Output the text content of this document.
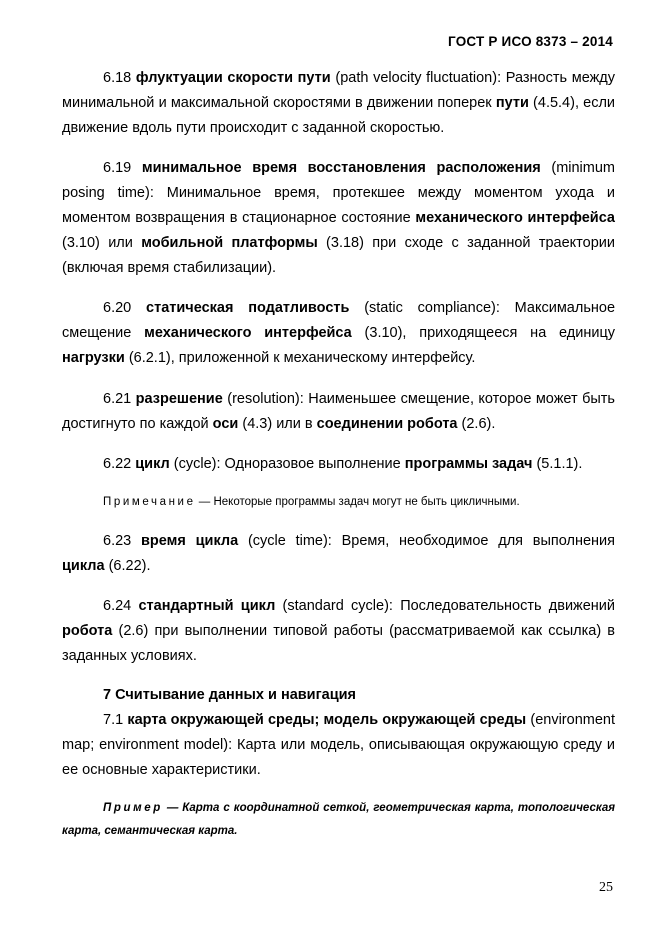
ГОСТ Р ИСО 8373 – 2014

6.18 флуктуации скорости пути (path velocity fluctuation): Разность между минимальной и максимальной скоростями в движении поперек пути (4.5.4), если движение вдоль пути происходит с заданной скоростью.

6.19 минимальное время восстановления расположения (minimum posing time): Минимальное время, протекшее между моментом ухода и моментом возвращения в стационарное состояние механического интерфейса (3.10) или мобильной платформы (3.18) при сходе с заданной траектории (включая время стабилизации).

6.20 статическая податливость (static compliance): Максимальное смещение механического интерфейса (3.10), приходящееся на единицу нагрузки (6.2.1), приложенной к механическому интерфейсу.

6.21 разрешение (resolution): Наименьшее смещение, которое может быть достигнуто по каждой оси (4.3) или в соединении робота (2.6).

6.22 цикл (cycle): Одноразовое выполнение программы задач (5.1.1).

Примечание — Некоторые программы задач могут не быть цикличными.

6.23 время цикла (cycle time): Время, необходимое для выполнения цикла (6.22).

6.24 стандартный цикл (standard cycle): Последовательность движений робота (2.6) при выполнении типовой работы (рассматриваемой как ссылка) в заданных условиях.

7 Считывание данных и навигация

7.1 карта окружающей среды; модель окружающей среды (environment map; environment model): Карта или модель, описывающая окружающую среду и ее основные характеристики.

Пример — Карта с координатной сеткой, геометрическая карта, топологическая карта, семантическая карта.
25
